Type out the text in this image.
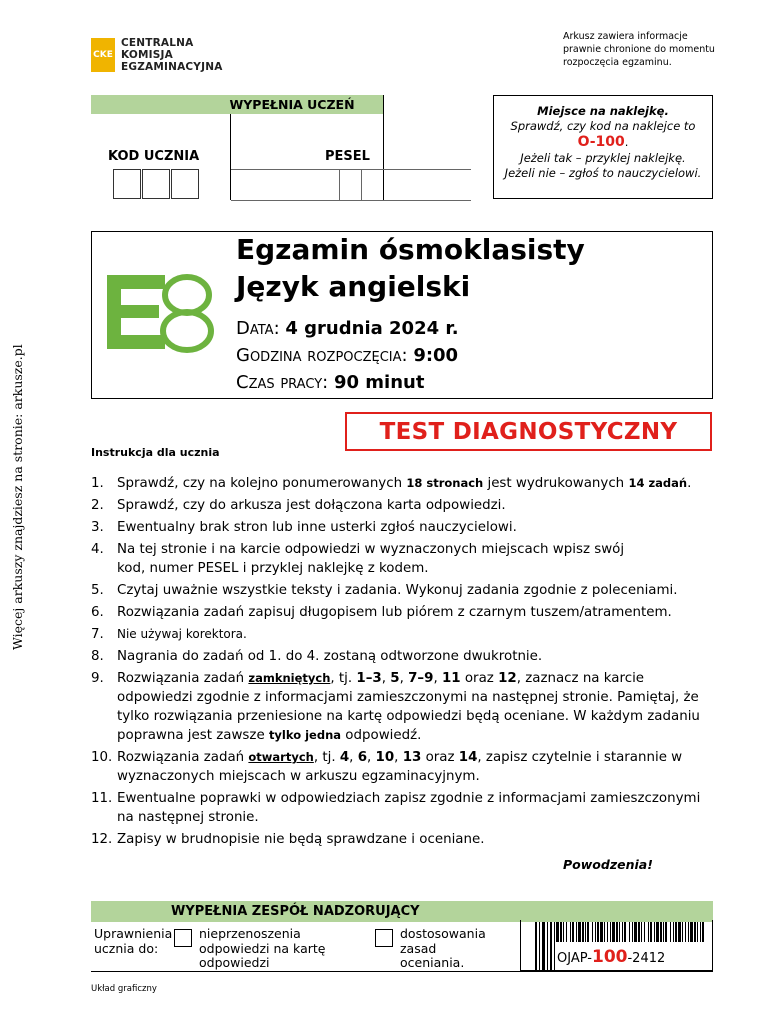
CKE
CENTRALNA
KOMISJA
EGZAMINACYJNA
Arkusz zawiera informacje prawnie chronione do momentu rozpoczęcia egzaminu.
WYPEŁNIA UCZEŃ
KOD UCZNIA	PESEL
Miejsce na naklejkę.
Sprawdź, czy kod na naklejce to
O-100.
Jeżeli tak – przyklej naklejkę.
Jeżeli nie – zgłoś to nauczycielowi.
Egzamin ósmoklasisty
Język angielski
Data: 4 grudnia 2024 r.
Godzina rozpoczęcia: 9:00
Czas pracy: 90 minut
TEST DIAGNOSTYCZNY
Instrukcja dla ucznia
1. Sprawdź, czy na kolejno ponumerowanych 18 stronach jest wydrukowanych 14 zadań.
2. Sprawdź, czy do arkusza jest dołączona karta odpowiedzi.
3. Ewentualny brak stron lub inne usterki zgłoś nauczycielowi.
4. Na tej stronie i na karcie odpowiedzi w wyznaczonych miejscach wpisz swój kod, numer PESEL i przyklej naklejkę z kodem.
5. Czytaj uważnie wszystkie teksty i zadania. Wykonuj zadania zgodnie z poleceniami.
6. Rozwiązania zadań zapisuj długopisem lub piórem z czarnym tuszem/atramentem.
7. Nie używaj korektora.
8. Nagrania do zadań od 1. do 4. zostaną odtworzone dwukrotnie.
9. Rozwiązania zadań zamkniętych, tj. 1–3, 5, 7–9, 11 oraz 12, zaznacz na karcie odpowiedzi zgodnie z informacjami zamieszczonymi na następnej stronie. Pamiętaj, że tylko rozwiązania przeniesione na kartę odpowiedzi będą oceniane. W każdym zadaniu poprawna jest zawsze tylko jedna odpowiedź.
10. Rozwiązania zadań otwartych, tj. 4, 6, 10, 13 oraz 14, zapisz czytelnie i starannie w wyznaczonych miejscach w arkuszu egzaminacyjnym.
11. Ewentualne poprawki w odpowiedziach zapisz zgodnie z informacjami zamieszczonymi na następnej stronie.
12. Zapisy w brudnopisie nie będą sprawdzane i oceniane.
Powodzenia!
Więcej arkuszy znajdziesz na stronie: arkusze.pl
WYPEŁNIA ZESPÓŁ NADZORUJĄCY
Uprawnienia ucznia do:
nieprzenoszenia odpowiedzi na kartę odpowiedzi
dostosowania zasad oceniania.	OJAP-100-2412
Układ graficzny
